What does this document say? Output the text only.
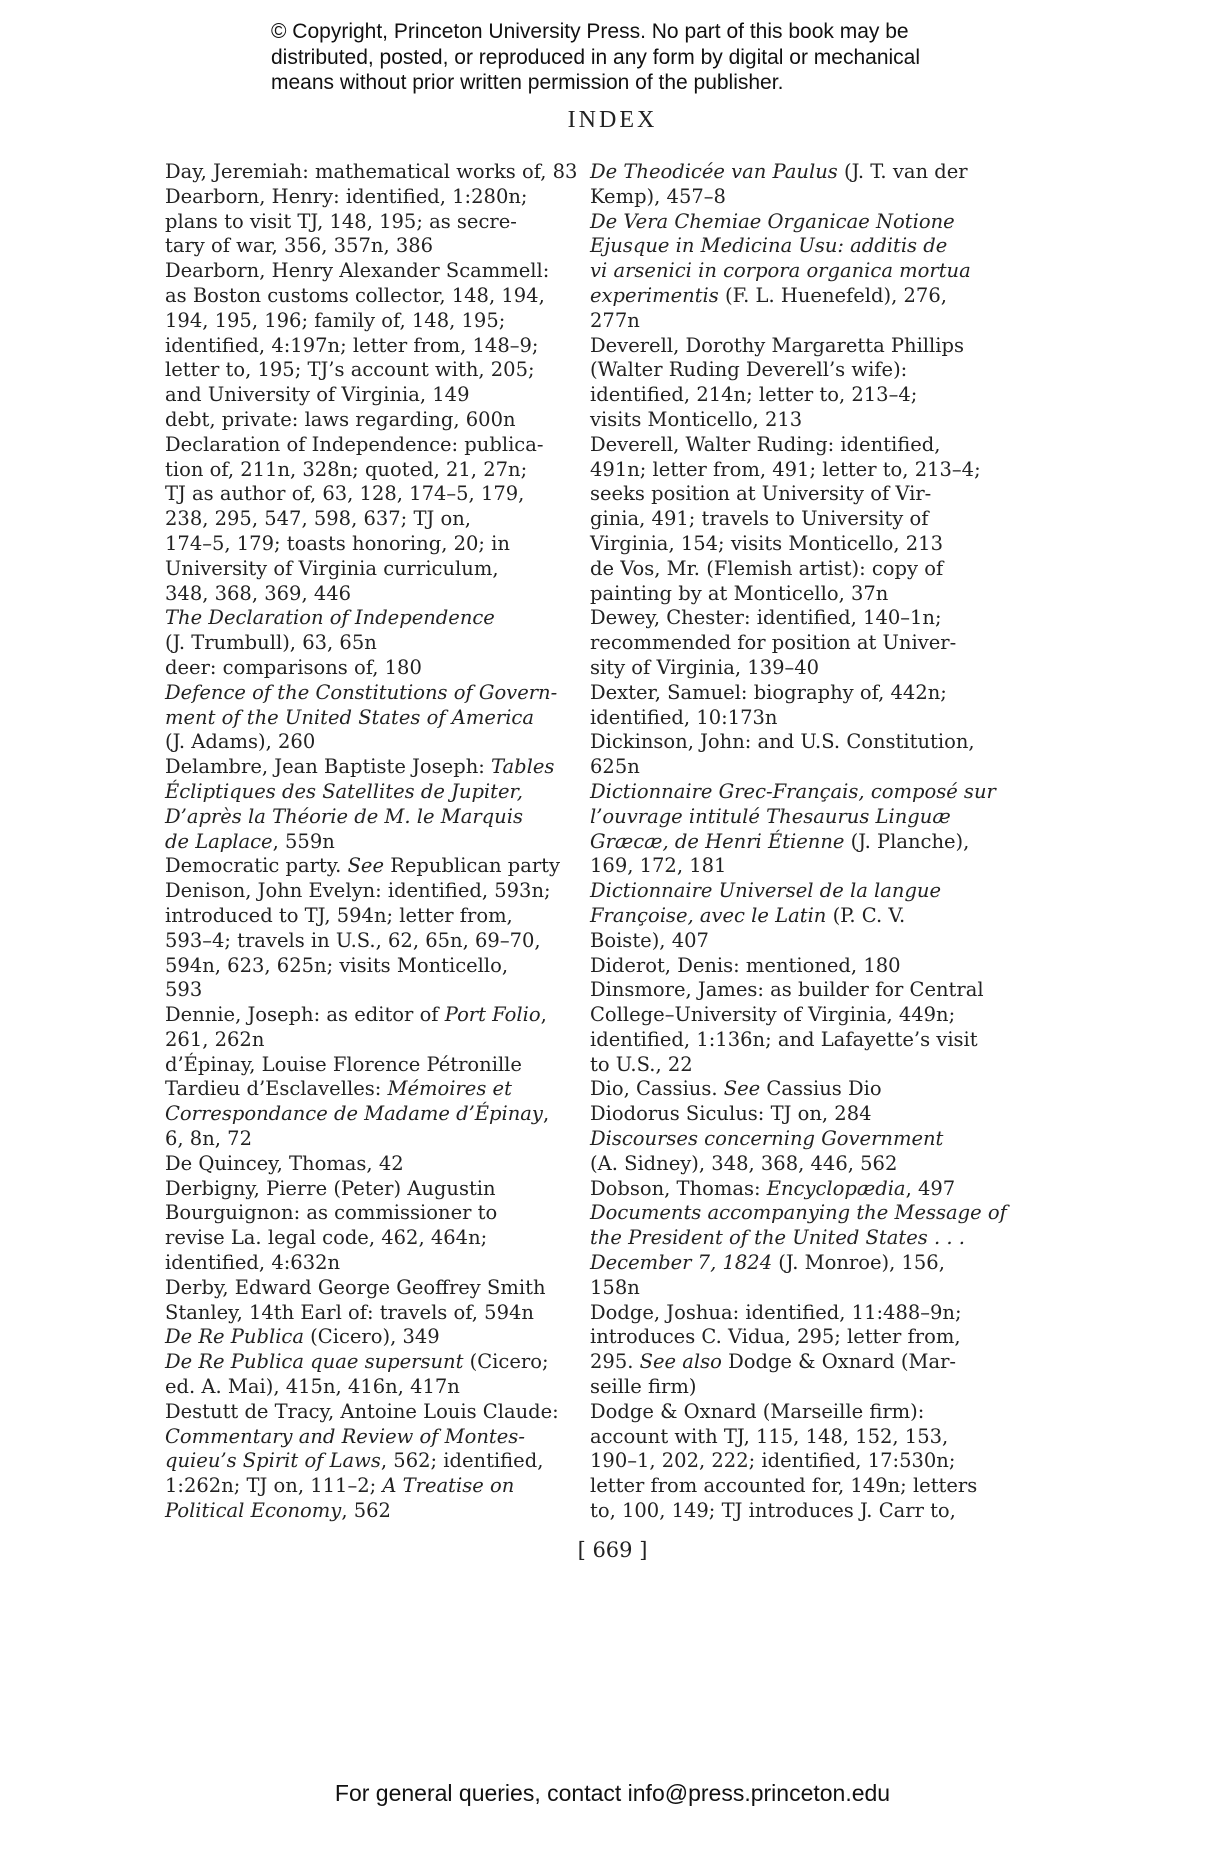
© Copyright, Princeton University Press. No part of this book may be
distributed, posted, or reproduced in any form by digital or mechanical
means without prior written permission of the publisher.
INDEX
Day, Jeremiah: mathematical works of, 83
Dearborn, Henry: identified, 1:280n;
plans to visit TJ, 148, 195; as secre-
tary of war, 356, 357n, 386
Dearborn, Henry Alexander Scammell:
as Boston customs collector, 148, 194,
194, 195, 196; family of, 148, 195;
identified, 4:197n; letter from, 148–9;
letter to, 195; TJ’s account with, 205;
and University of Virginia, 149
debt, private: laws regarding, 600n
Declaration of Independence: publica-
tion of, 211n, 328n; quoted, 21, 27n;
TJ as author of, 63, 128, 174–5, 179,
238, 295, 547, 598, 637; TJ on,
174–5, 179; toasts honoring, 20; in
University of Virginia curriculum,
348, 368, 369, 446
The Declaration of Independence
(J. Trumbull), 63, 65n
deer: comparisons of, 180
Defence of the Constitutions of Govern-
ment of the United States of America
(J. Adams), 260
Delambre, Jean Baptiste Joseph: Tables
Écliptiques des Satellites de Jupiter,
D’après la Théorie de M. le Marquis
de Laplace, 559n
Democratic party. See Republican party
Denison, John Evelyn: identified, 593n;
introduced to TJ, 594n; letter from,
593–4; travels in U.S., 62, 65n, 69–70,
594n, 623, 625n; visits Monticello,
593
Dennie, Joseph: as editor of Port Folio,
261, 262n
d’Épinay, Louise Florence Pétronille
Tardieu d’Esclavelles: Mémoires et
Correspondance de Madame d’Épinay,
6, 8n, 72
De Quincey, Thomas, 42
Derbigny, Pierre (Peter) Augustin
Bourguignon: as commissioner to
revise La. legal code, 462, 464n;
identified, 4:632n
Derby, Edward George Geoffrey Smith
Stanley, 14th Earl of: travels of, 594n
De Re Publica (Cicero), 349
De Re Publica quae supersunt (Cicero;
ed. A. Mai), 415n, 416n, 417n
Destutt de Tracy, Antoine Louis Claude:
Commentary and Review of Montes-
quieu’s Spirit of Laws, 562; identified,
1:262n; TJ on, 111–2; A Treatise on
Political Economy, 562
De Theodicée van Paulus (J. T. van der
Kemp), 457–8
De Vera Chemiae Organicae Notione
Ejusque in Medicina Usu: additis de
vi arsenici in corpora organica mortua
experimentis (F. L. Huenefeld), 276,
277n
Deverell, Dorothy Margaretta Phillips
(Walter Ruding Deverell’s wife):
identified, 214n; letter to, 213–4;
visits Monticello, 213
Deverell, Walter Ruding: identified,
491n; letter from, 491; letter to, 213–4;
seeks position at University of Vir-
ginia, 491; travels to University of
Virginia, 154; visits Monticello, 213
de Vos, Mr. (Flemish artist): copy of
painting by at Monticello, 37n
Dewey, Chester: identified, 140–1n;
recommended for position at Univer-
sity of Virginia, 139–40
Dexter, Samuel: biography of, 442n;
identified, 10:173n
Dickinson, John: and U.S. Constitution,
625n
Dictionnaire Grec-Français, composé sur
l’ouvrage intitulé Thesaurus Linguæ
Græcæ, de Henri Étienne (J. Planche),
169, 172, 181
Dictionnaire Universel de la langue
Françoise, avec le Latin (P. C. V.
Boiste), 407
Diderot, Denis: mentioned, 180
Dinsmore, James: as builder for Central
College–University of Virginia, 449n;
identified, 1:136n; and Lafayette’s visit
to U.S., 22
Dio, Cassius. See Cassius Dio
Diodorus Siculus: TJ on, 284
Discourses concerning Government
(A. Sidney), 348, 368, 446, 562
Dobson, Thomas: Encyclopædia, 497
Documents accompanying the Message of
the President of the United States . . .
December 7, 1824 (J. Monroe), 156,
158n
Dodge, Joshua: identified, 11:488–9n;
introduces C. Vidua, 295; letter from,
295. See also Dodge & Oxnard (Mar-
seille firm)
Dodge & Oxnard (Marseille firm):
account with TJ, 115, 148, 152, 153,
190–1, 202, 222; identified, 17:530n;
letter from accounted for, 149n; letters
to, 100, 149; TJ introduces J. Carr to,
[ 669 ]
For general queries, contact info@press.princeton.edu
